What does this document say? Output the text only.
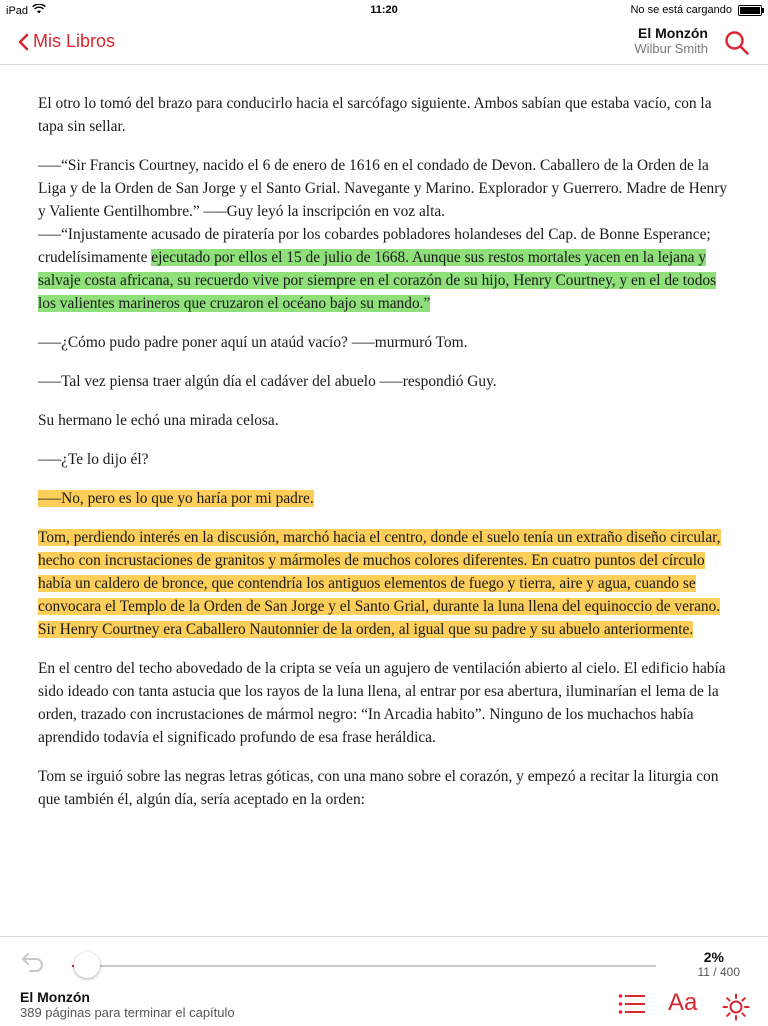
iPad	11:20	No se está cargando
Mis Libros	El Monzón
Wilbur Smith

El otro lo tomó del brazo para conducirlo hacia el sarcófago siguiente. Ambos sabían que estaba vacío, con la tapa sin sellar.

–—“Sir Francis Courtney, nacido el 6 de enero de 1616 en el condado de Devon. Caballero de la Orden de la Liga y de la Orden de San Jorge y el Santo Grial. Navegante y Marino. Explorador y Guerrero. Madre de Henry y Valiente Gentilhombre.” –—Guy leyó la inscripción en voz alta.
–—“Injustamente acusado de piratería por los cobardes pobladores holandeses del Cap. de Bonne Esperance; crudelísimamente ejecutado por ellos el 15 de julio de 1668. Aunque sus restos mortales yacen en la lejana y salvaje costa africana, su recuerdo vive por siempre en el corazón de su hijo, Henry Courtney, y en el de todos los valientes marineros que cruzaron el océano bajo su mando.”

–—¿Cómo pudo padre poner aquí un ataúd vacío? –—murmuró Tom.

–—Tal vez piensa traer algún día el cadáver del abuelo –—respondió Guy.

Su hermano le echó una mirada celosa.

–—¿Te lo dijo él?

–—No, pero es lo que yo haría por mi padre.

Tom, perdiendo interés en la discusión, marchó hacia el centro, donde el suelo tenía un extraño diseño circular, hecho con incrustaciones de granitos y mármoles de muchos colores diferentes. En cuatro puntos del círculo había un caldero de bronce, que contendría los antiguos elementos de fuego y tierra, aire y agua, cuando se convocara el Templo de la Orden de San Jorge y el Santo Grial, durante la luna llena del equinoccio de verano. Sir Henry Courtney era Caballero Nautonnier de la orden, al igual que su padre y su abuelo anteriormente.

En el centro del techo abovedado de la cripta se veía un agujero de ventilación abierto al cielo. El edificio había sido ideado con tanta astucia que los rayos de la luna llena, al entrar por esa abertura, iluminarían el lema de la orden, trazado con incrustaciones de mármol negro: “In Arcadia habito”. Ninguno de los muchachos había aprendido todavía el significado profundo de esa frase heráldica.

Tom se irguió sobre las negras letras góticas, con una mano sobre el corazón, y empezó a recitar la liturgia con que también él, algún día, sería aceptado en la orden:

2%
11 / 400
El Monzón
389 páginas para terminar el capítulo	Aa
